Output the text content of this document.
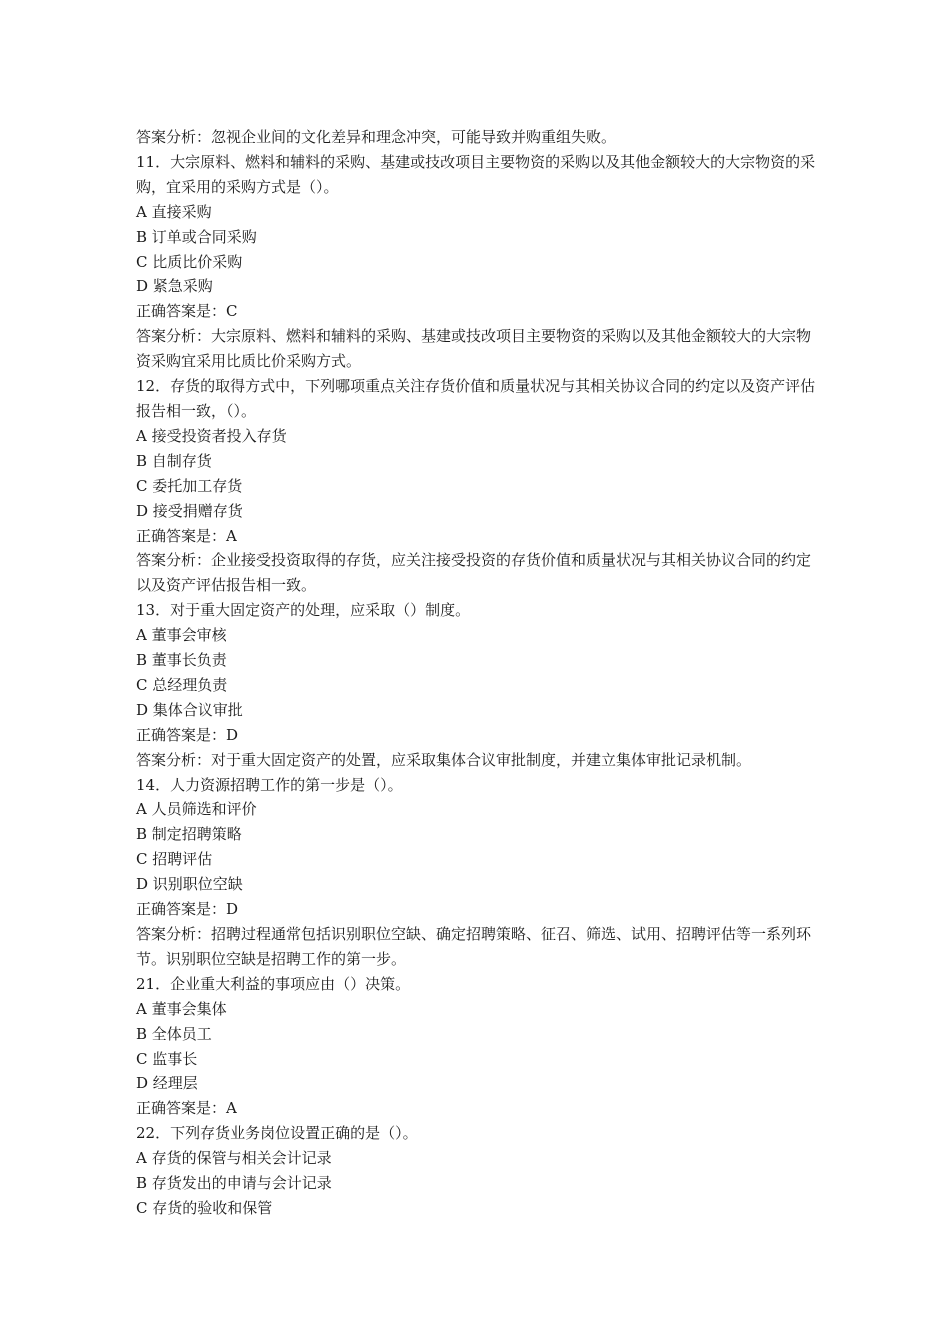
答案分析：忽视企业间的文化差异和理念冲突，可能导致并购重组失败。

11．大宗原料、燃料和辅料的采购、基建或技改项目主要物资的采购以及其他金额较大的大宗物资的采购，宜采用的采购方式是（）。

A 直接采购

B 订单或合同采购

C 比质比价采购

D 紧急采购

正确答案是：C

答案分析：大宗原料、燃料和辅料的采购、基建或技改项目主要物资的采购以及其他金额较大的大宗物资采购宜采用比质比价采购方式。

12．存货的取得方式中，下列哪项重点关注存货价值和质量状况与其相关协议合同的约定以及资产评估报告相一致，（）。

A 接受投资者投入存货

B 自制存货

C 委托加工存货

D 接受捐赠存货

正确答案是：A

答案分析：企业接受投资取得的存货，应关注接受投资的存货价值和质量状况与其相关协议合同的约定以及资产评估报告相一致。

13．对于重大固定资产的处理，应采取（）制度。

A 董事会审核

B 董事长负责

C 总经理负责

D 集体合议审批

正确答案是：D

答案分析：对于重大固定资产的处置，应采取集体合议审批制度，并建立集体审批记录机制。

14．人力资源招聘工作的第一步是（）。

A 人员筛选和评价

B 制定招聘策略

C 招聘评估

D 识别职位空缺

正确答案是：D

答案分析：招聘过程通常包括识别职位空缺、确定招聘策略、征召、筛选、试用、招聘评估等一系列环节。识别职位空缺是招聘工作的第一步。

21．企业重大利益的事项应由（）决策。

A 董事会集体

B 全体员工

C 监事长

D 经理层

正确答案是：A

22．下列存货业务岗位设置正确的是（）。

A 存货的保管与相关会计记录

B 存货发出的申请与会计记录

C 存货的验收和保管
